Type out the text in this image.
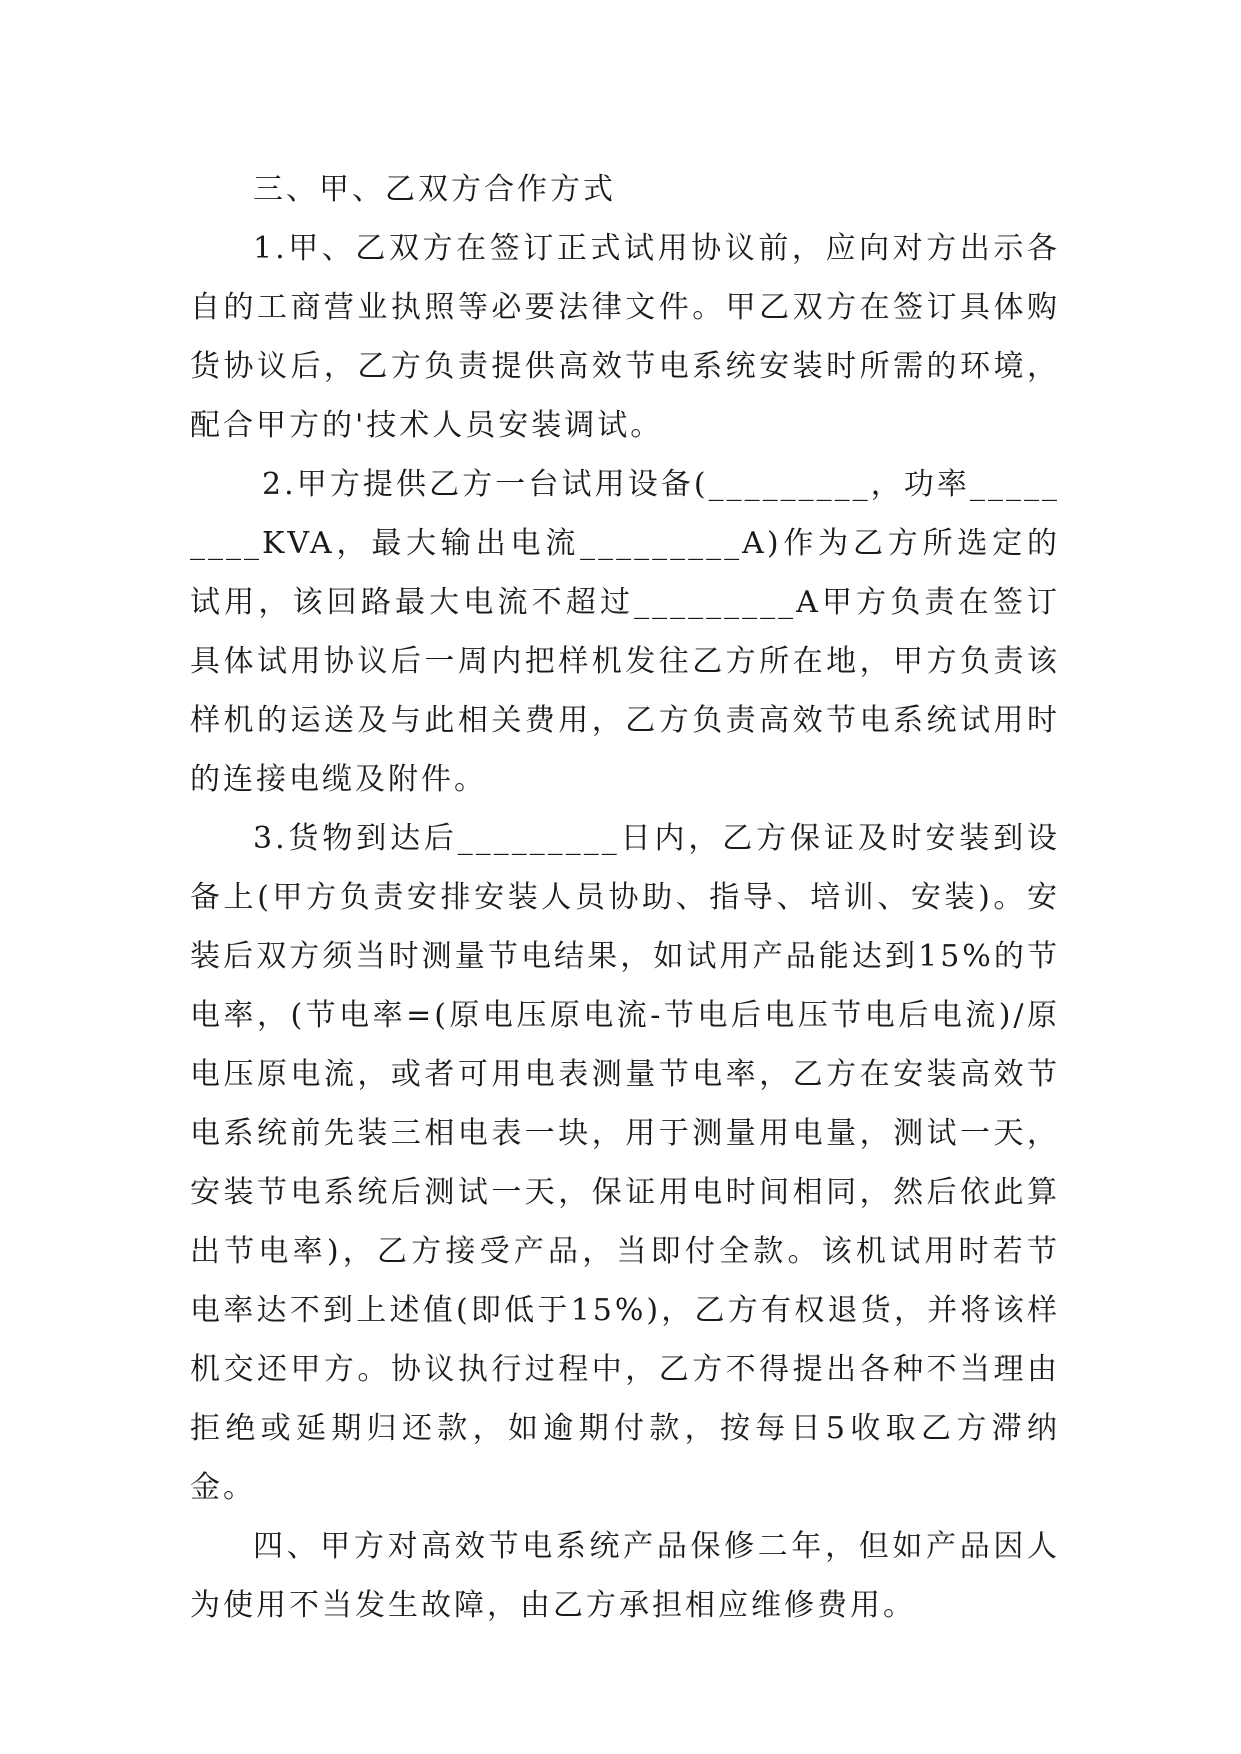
三、甲、乙双方合作方式

1.甲、乙双方在签订正式试用协议前，应向对方出示各自的工商营业执照等必要法律文件。甲乙双方在签订具体购货协议后，乙方负责提供高效节电系统安装时所需的环境，配合甲方的'技术人员安装调试。

2.甲方提供乙方一台试用设备(_________，功率_________KVA，最大输出电流_________A)作为乙方所选定的试用，该回路最大电流不超过_________A甲方负责在签订具体试用协议后一周内把样机发往乙方所在地，甲方负责该样机的运送及与此相关费用，乙方负责高效节电系统试用时的连接电缆及附件。

3.货物到达后_________日内，乙方保证及时安装到设备上(甲方负责安排安装人员协助、指导、培训、安装)。安装后双方须当时测量节电结果，如试用产品能达到15%的节电率，(节电率=(原电压原电流-节电后电压节电后电流)/原电压原电流，或者可用电表测量节电率，乙方在安装高效节电系统前先装三相电表一块，用于测量用电量，测试一天，安装节电系统后测试一天，保证用电时间相同，然后依此算出节电率)，乙方接受产品，当即付全款。该机试用时若节电率达不到上述值(即低于15%)，乙方有权退货，并将该样机交还甲方。协议执行过程中，乙方不得提出各种不当理由拒绝或延期归还款，如逾期付款，按每日5收取乙方滞纳金。

四、甲方对高效节电系统产品保修二年，但如产品因人为使用不当发生故障，由乙方承担相应维修费用。
